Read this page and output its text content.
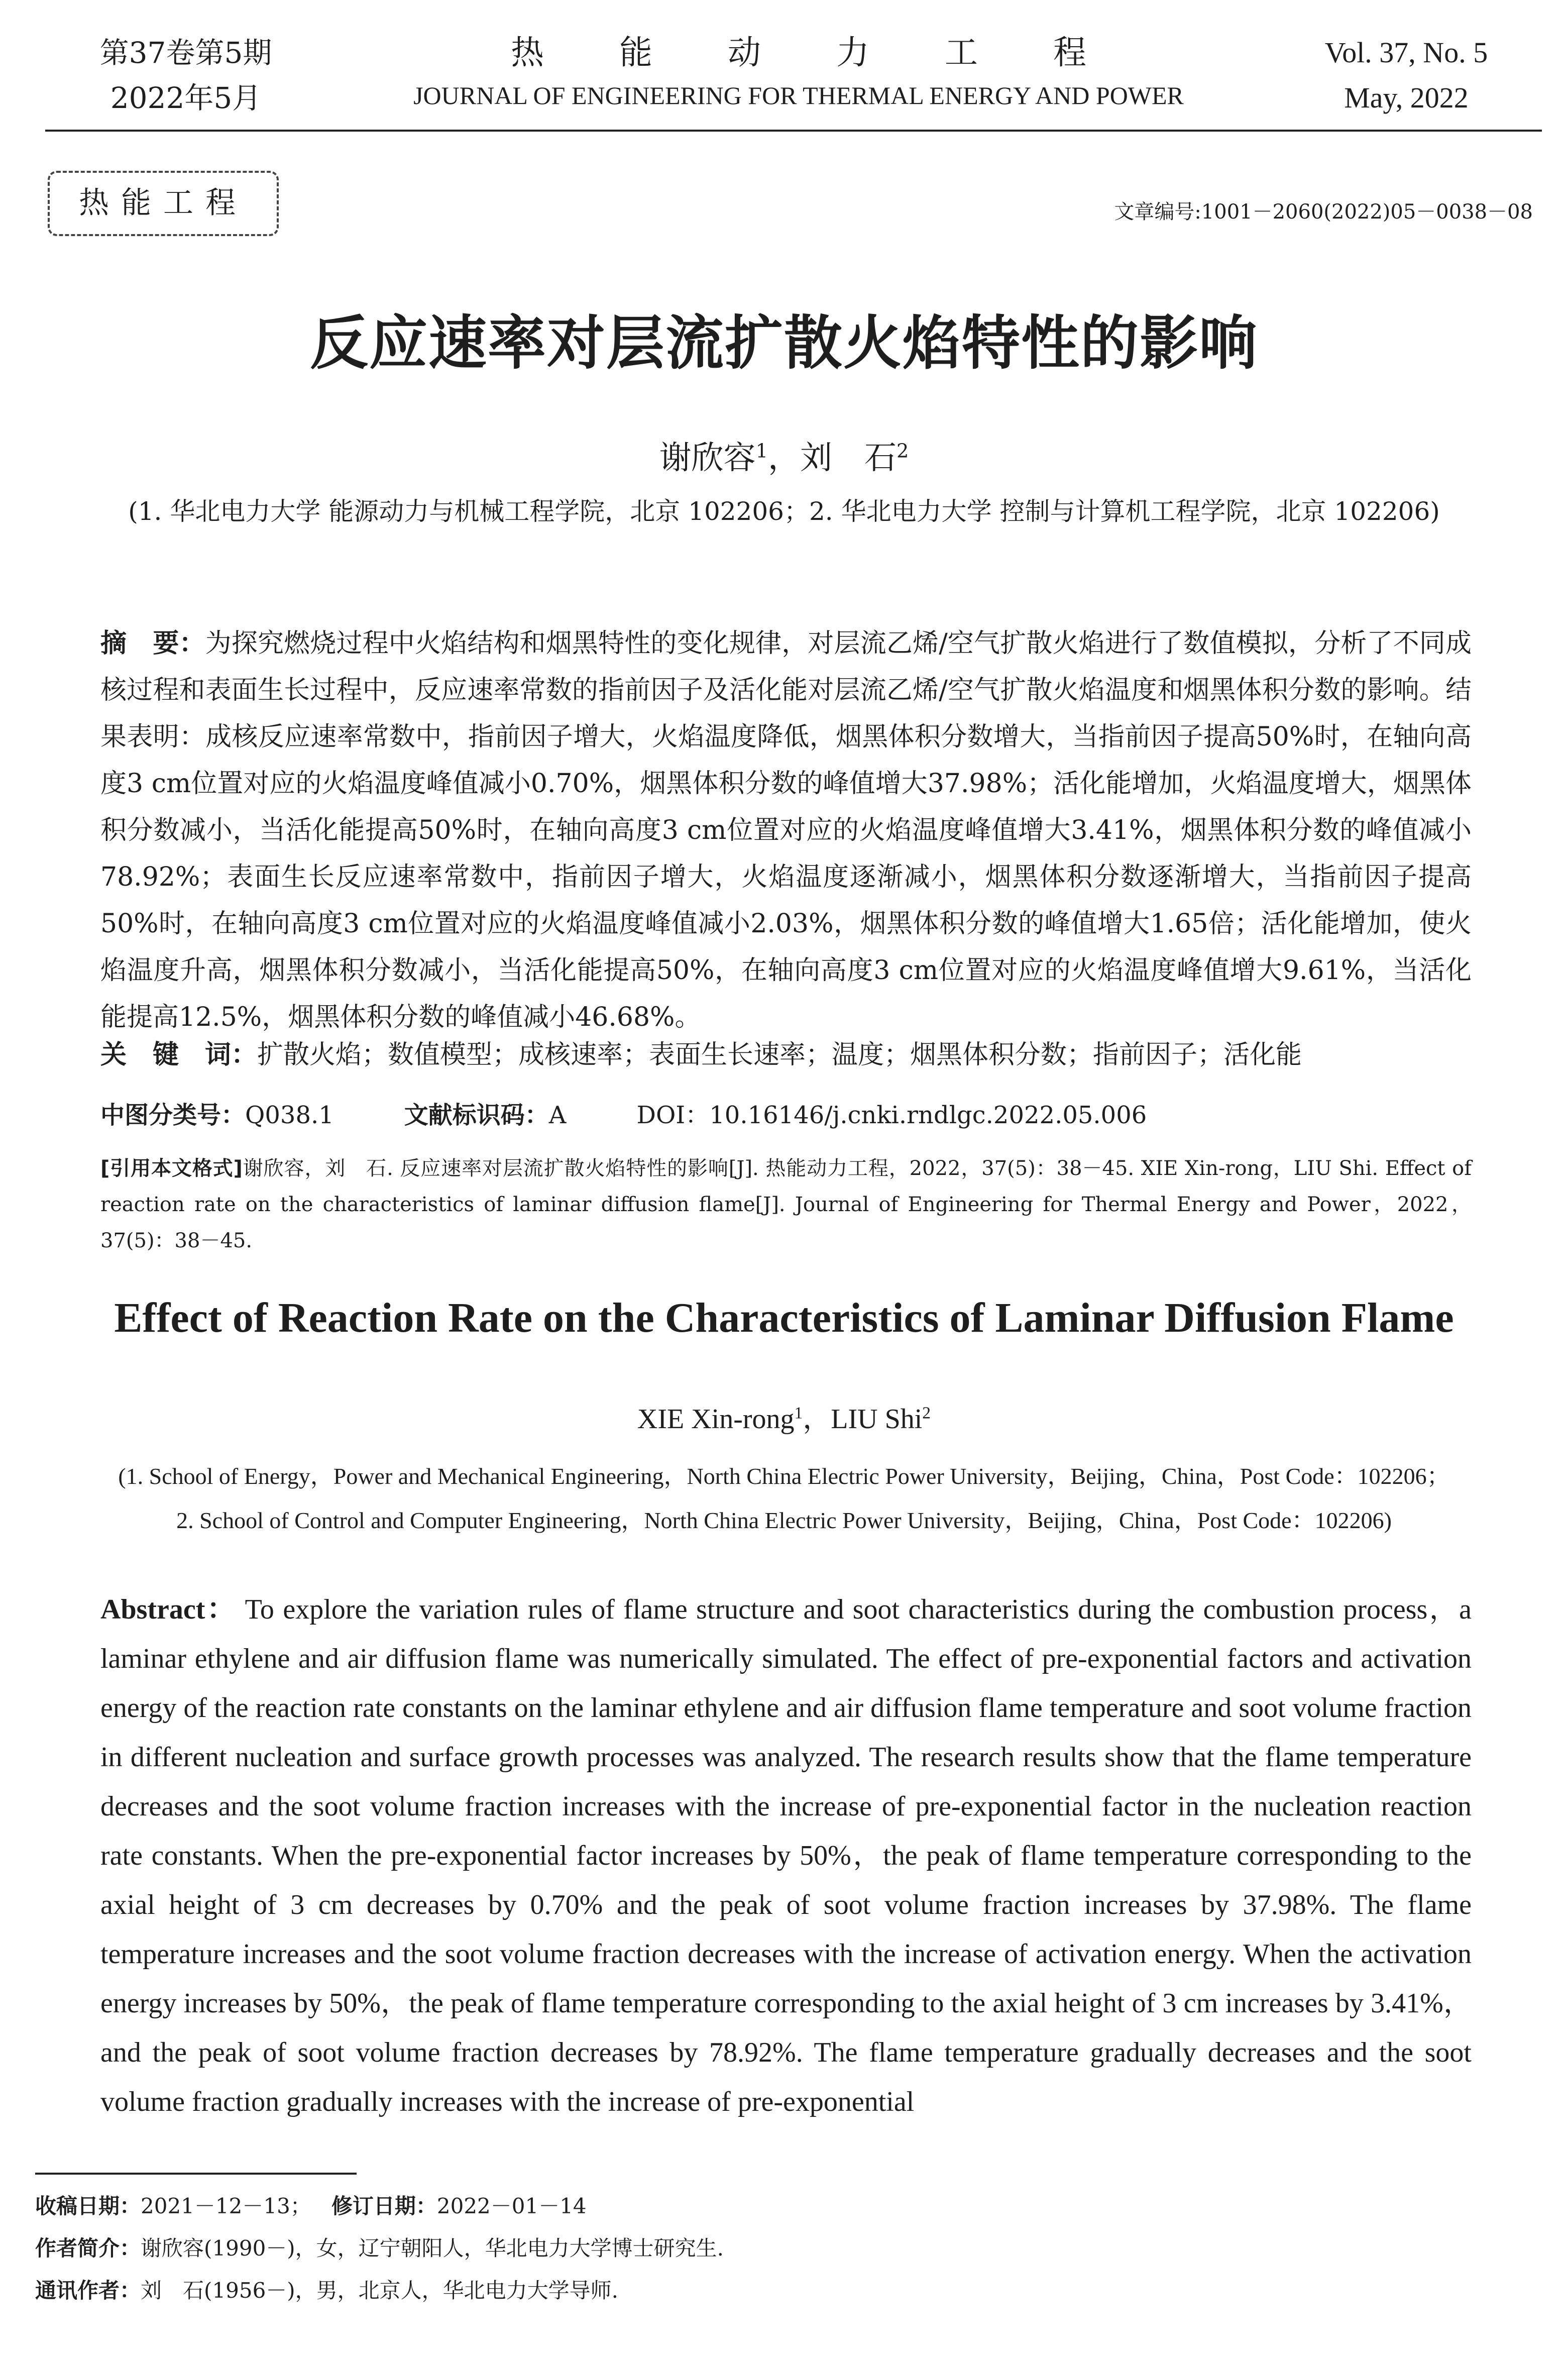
第37卷第5期
2022年5月
热能动力工程
JOURNAL OF ENGINEERING FOR THERMAL ENERGY AND POWER
Vol. 37, No. 5
May, 2022
热能工程	文章编号:1001－2060(2022)05－0038－08
反应速率对层流扩散火焰特性的影响
谢欣容$^1$，刘　石$^2$
(1. 华北电力大学 能源动力与机械工程学院，北京 102206；2. 华北电力大学 控制与计算机工程学院，北京 102206)
摘　要：为探究燃烧过程中火焰结构和烟黑特性的变化规律，对层流乙烯/空气扩散火焰进行了数值模拟，分析了不同成核过程和表面生长过程中，反应速率常数的指前因子及活化能对层流乙烯/空气扩散火焰温度和烟黑体积分数的影响。结果表明：成核反应速率常数中，指前因子增大，火焰温度降低，烟黑体积分数增大，当指前因子提高50%时，在轴向高度3 cm位置对应的火焰温度峰值减小0.70%，烟黑体积分数的峰值增大37.98%；活化能增加，火焰温度增大，烟黑体积分数减小，当活化能提高50%时，在轴向高度3 cm位置对应的火焰温度峰值增大3.41%，烟黑体积分数的峰值减小78.92%；表面生长反应速率常数中，指前因子增大，火焰温度逐渐减小，烟黑体积分数逐渐增大，当指前因子提高50%时，在轴向高度3 cm位置对应的火焰温度峰值减小2.03%，烟黑体积分数的峰值增大1.65倍；活化能增加，使火焰温度升高，烟黑体积分数减小，当活化能提高50%，在轴向高度3 cm位置对应的火焰温度峰值增大9.61%，当活化能提高12.5%，烟黑体积分数的峰值减小46.68%。
关　键　词：扩散火焰；数值模型；成核速率；表面生长速率；温度；烟黑体积分数；指前因子；活化能
中图分类号：Q038.1	文献标识码：A	DOI：10.16146/j.cnki.rndlgc.2022.05.006
[引用本文格式]谢欣容，刘　石. 反应速率对层流扩散火焰特性的影响[J]. 热能动力工程，2022，37(5)：38－45. XIE Xin-rong，LIU Shi. Effect of reaction rate on the characteristics of laminar diffusion flame[J]. Journal of Engineering for Thermal Energy and Power，2022，37(5)：38－45.
Effect of Reaction Rate on the Characteristics of Laminar Diffusion Flame
XIE Xin-rong$^1$，LIU Shi$^2$
(1. School of Energy，Power and Mechanical Engineering，North China Electric Power University，Beijing，China，Post Code：102206；
2. School of Control and Computer Engineering，North China Electric Power University，Beijing，China，Post Code：102206)
Abstract： To explore the variation rules of flame structure and soot characteristics during the combustion process，a laminar ethylene and air diffusion flame was numerically simulated. The effect of pre-exponential factors and activation energy of the reaction rate constants on the laminar ethylene and air diffusion flame temperature and soot volume fraction in different nucleation and surface growth processes was analyzed. The research results show that the flame temperature decreases and the soot volume fraction increases with the increase of pre-exponential factor in the nucleation reaction rate constants. When the pre-exponential factor increases by 50%，the peak of flame temperature corresponding to the axial height of 3 cm decreases by 0.70% and the peak of soot volume fraction increases by 37.98%. The flame temperature increases and the soot volume fraction decreases with the increase of activation energy. When the activation energy increases by 50%，the peak of flame temperature corresponding to the axial height of 3 cm increases by 3.41%，and the peak of soot volume fraction decreases by 78.92%. The flame temperature gradually decreases and the soot volume fraction gradually increases with the increase of pre-exponential
收稿日期：2021－12－13； 修订日期：2022－01－14
作者简介：谢欣容(1990－)，女，辽宁朝阳人，华北电力大学博士研究生.
通讯作者：刘　石(1956－)，男，北京人，华北电力大学导师.
